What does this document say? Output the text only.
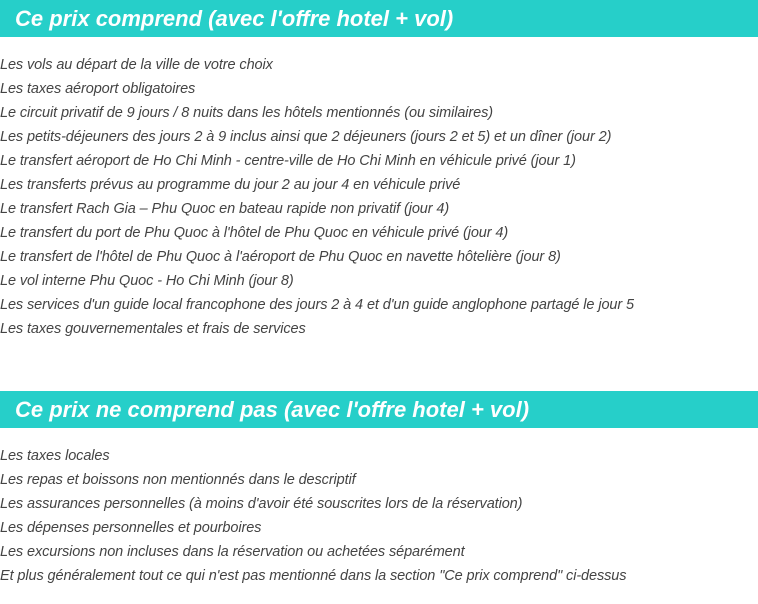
Ce prix comprend (avec l'offre hotel + vol)
Les vols au départ de la ville de votre choix
Les taxes aéroport obligatoires
Le circuit privatif de 9 jours / 8 nuits dans les hôtels mentionnés (ou similaires)
Les petits-déjeuners des jours 2 à 9 inclus ainsi que 2 déjeuners (jours 2 et 5) et un dîner (jour 2)
Le transfert aéroport de Ho Chi Minh - centre-ville de Ho Chi Minh en véhicule privé (jour 1)
Les transferts prévus au programme du jour 2 au jour 4 en véhicule privé
Le transfert Rach Gia – Phu Quoc en bateau rapide non privatif (jour 4)
Le transfert du port de Phu Quoc à l'hôtel de Phu Quoc en véhicule privé (jour 4)
Le transfert de l'hôtel de Phu Quoc à l'aéroport de Phu Quoc en navette hôtelière (jour 8)
Le vol interne Phu Quoc - Ho Chi Minh (jour 8)
Les services d'un guide local francophone des jours 2 à 4 et d'un guide anglophone partagé le jour 5
Les taxes gouvernementales et frais de services
Ce prix ne comprend pas (avec l'offre hotel + vol)
Les taxes locales
Les repas et boissons non mentionnés dans le descriptif
Les assurances personnelles (à moins d'avoir été souscrites lors de la réservation)
Les dépenses personnelles et pourboires
Les excursions non incluses dans la réservation ou achetées séparément
Et plus généralement tout ce qui n'est pas mentionné dans la section "Ce prix comprend" ci-dessus
